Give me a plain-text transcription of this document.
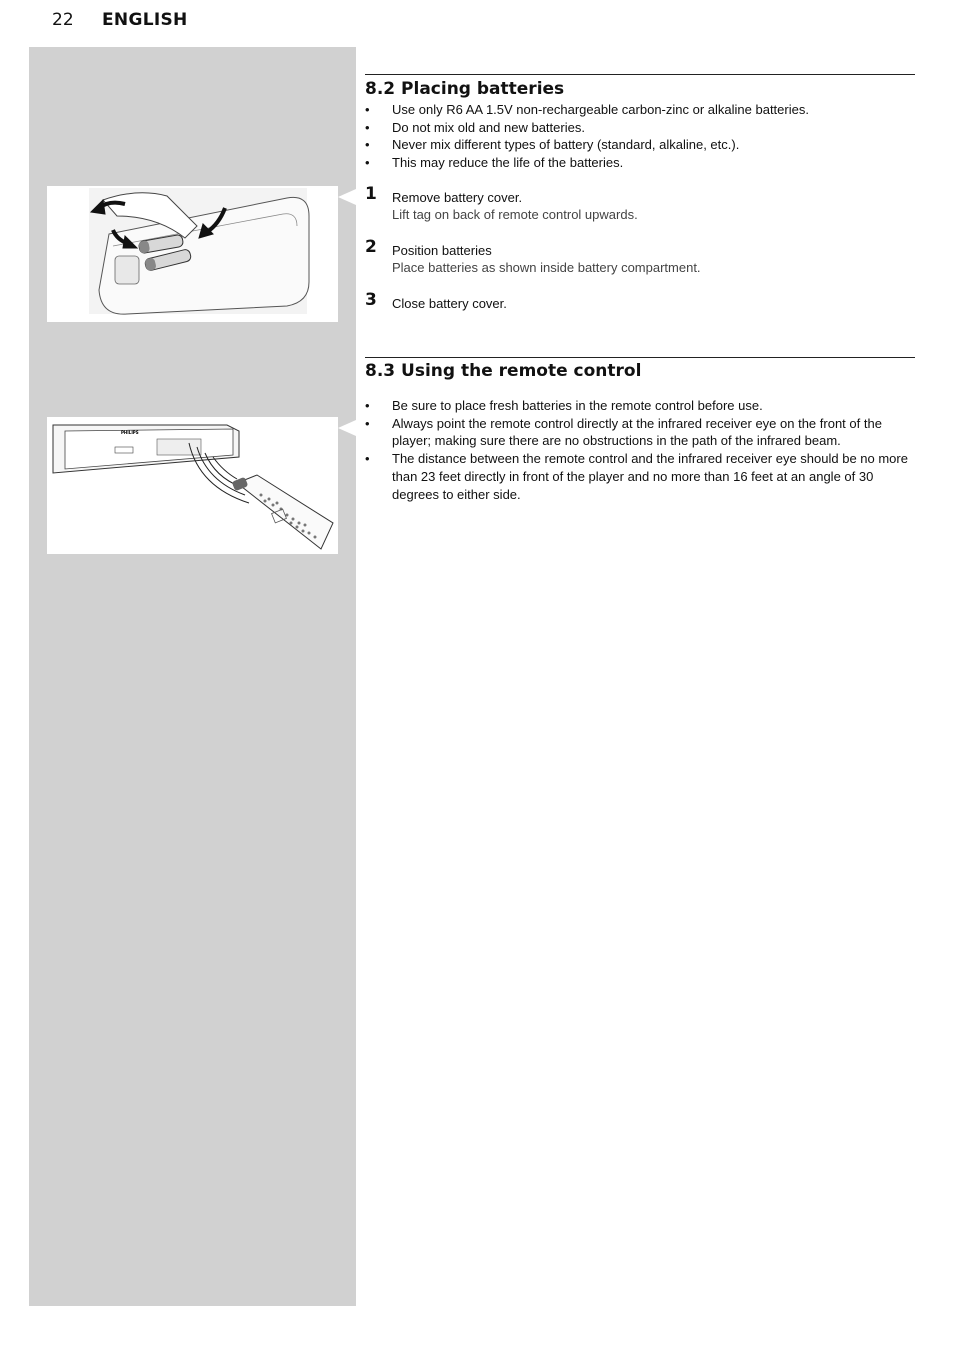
22	ENGLISH
PHILIPS
8.2 Placing batteries
• Use only R6 AA 1.5V non-rechargeable carbon-zinc or alkaline batteries.
• Do not mix old and new batteries.
• Never mix different types of battery (standard, alkaline, etc.).
• This may reduce the life of the batteries.
1 Remove battery cover.
Lift tag on back of remote control upwards.
2 Position batteries
Place batteries as shown inside battery compartment.
3 Close battery cover.
8.3 Using the remote control
• Be sure to place fresh batteries in the remote control before use.
• Always point the remote control directly at the infrared receiver eye on the front of the player; making sure there are no obstructions in the path of the infrared beam.
• The distance between the remote control and the infrared receiver eye should be no more than 23 feet directly in front of the player and no more than 16 feet at an angle of 30 degrees to either side.
